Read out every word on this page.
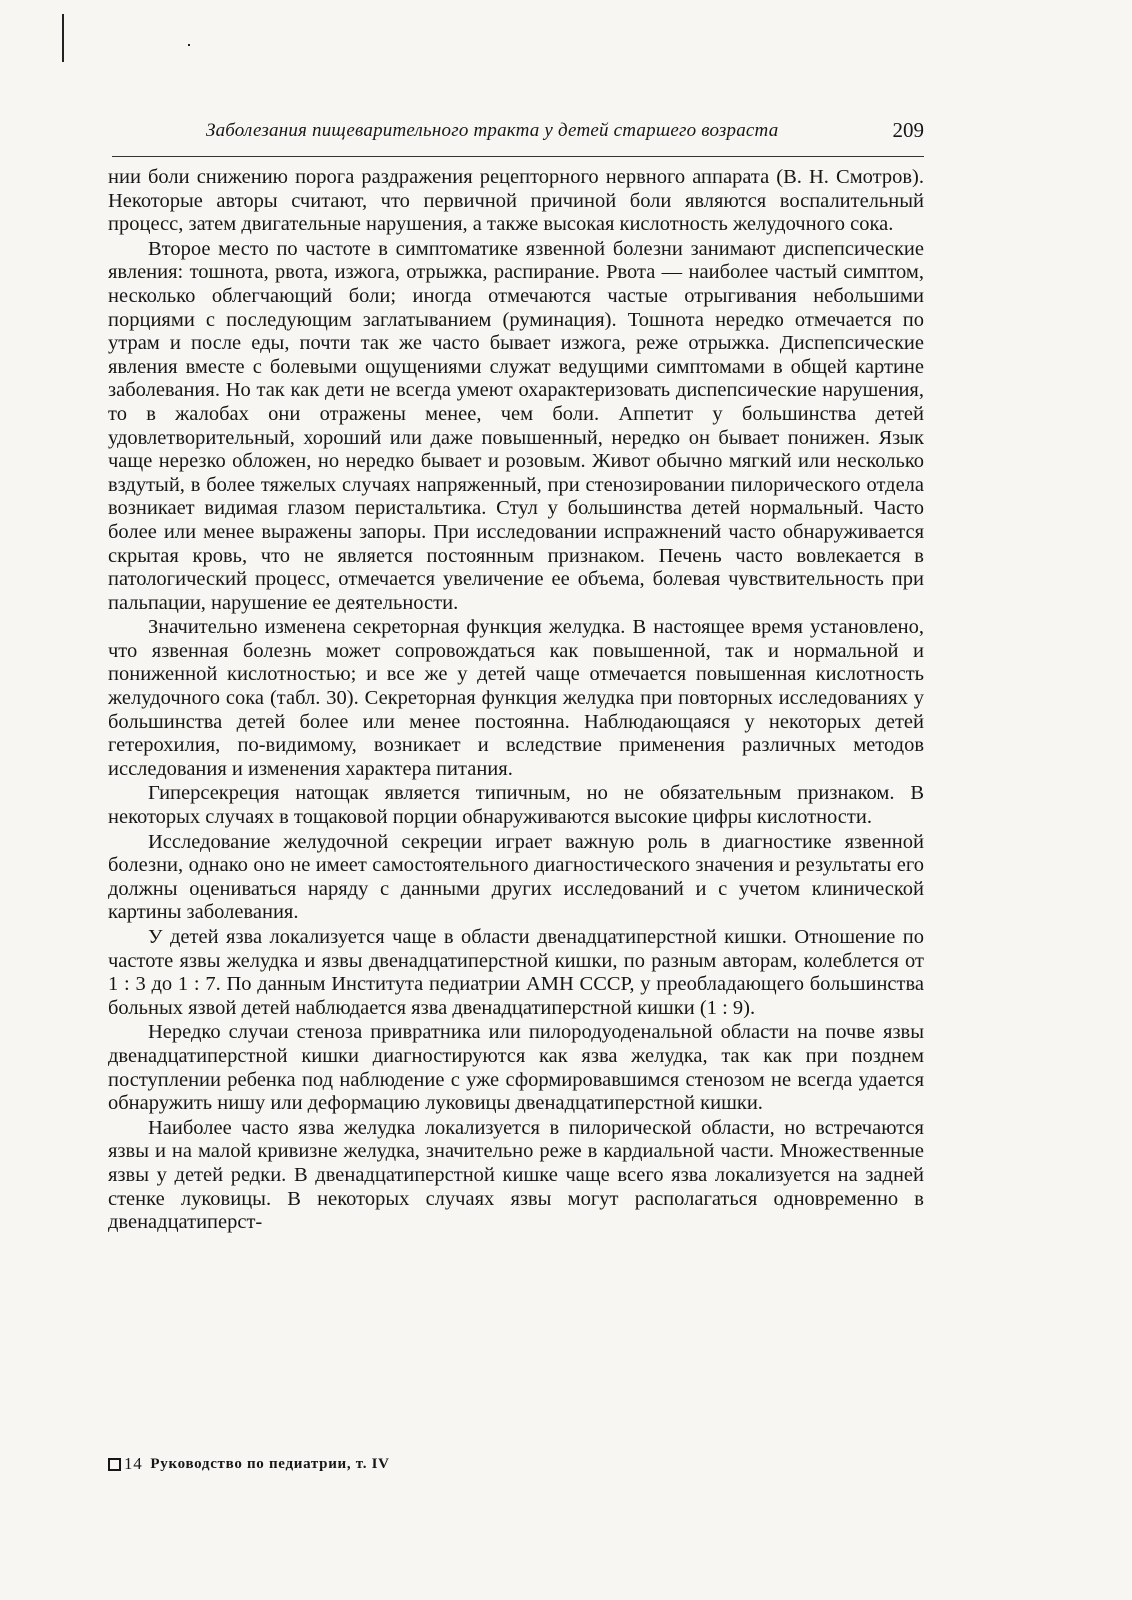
Заболезания пищеварительного тракта у детей старшего возраста	209

нии боли снижению порога раздражения рецепторного нервного аппарата (В. Н. Смотров). Некоторые авторы считают, что первичной причиной боли являются воспалительный процесс, затем двигательные нарушения, а также высокая кислотность желудочного сока.

Второе место по частоте в симптоматике язвенной болезни занимают диспепсические явления: тошнота, рвота, изжога, отрыжка, распирание. Рвота — наиболее частый симптом, несколько облегчающий боли; иногда отмечаются частые отрыгивания небольшими порциями с последующим заглатыванием (руминация). Тошнота нередко отмечается по утрам и после еды, почти так же часто бывает изжога, реже отрыжка. Диспепсические явления вместе с болевыми ощущениями служат ведущими симптомами в общей картине заболевания. Но так как дети не всегда умеют охарактеризовать диспепсические нарушения, то в жалобах они отражены менее, чем боли. Аппетит у большинства детей удовлетворительный, хороший или даже повышенный, нередко он бывает понижен. Язык чаще нерезко обложен, но нередко бывает и розовым. Живот обычно мягкий или несколько вздутый, в более тяжелых случаях напряженный, при стенозировании пилорического отдела возникает видимая глазом перистальтика. Стул у большинства детей нормальный. Часто более или менее выражены запоры. При исследовании испражнений часто обнаруживается скрытая кровь, что не является постоянным признаком. Печень часто вовлекается в патологический процесс, отмечается увеличение ее объема, болевая чувствительность при пальпации, нарушение ее деятельности.

Значительно изменена секреторная функция желудка. В настоящее время установлено, что язвенная болезнь может сопровождаться как повышенной, так и нормальной и пониженной кислотностью; и все же у детей чаще отмечается повышенная кислотность желудочного сока (табл. 30). Секреторная функция желудка при повторных исследованиях у большинства детей более или менее постоянна. Наблюдающаяся у некоторых детей гетерохилия, по-видимому, возникает и вследствие применения различных методов исследования и изменения характера питания.

Гиперсекреция натощак является типичным, но не обязательным признаком. В некоторых случаях в тощаковой порции обнаруживаются высокие цифры кислотности.

Исследование желудочной секреции играет важную роль в диагностике язвенной болезни, однако оно не имеет самостоятельного диагностического значения и результаты его должны оцениваться наряду с данными других исследований и с учетом клинической картины заболевания.

У детей язва локализуется чаще в области двенадцатиперстной кишки. Отношение по частоте язвы желудка и язвы двенадцатиперстной кишки, по разным авторам, колеблется от 1 : 3 до 1 : 7. По данным Института педиатрии АМН СССР, у преобладающего большинства больных язвой детей наблюдается язва двенадцатиперстной кишки (1 : 9).

Нередко случаи стеноза привратника или пилородуоденальной области на почве язвы двенадцатиперстной кишки диагностируются как язва желудка, так как при позднем поступлении ребенка под наблюдение с уже сформировавшимся стенозом не всегда удается обнаружить нишу или деформацию луковицы двенадцатиперстной кишки.

Наиболее часто язва желудка локализуется в пилорической области, но встречаются язвы и на малой кривизне желудка, значительно реже в кардиальной части. Множественные язвы у детей редки. В двенадцатиперстной кишке чаще всего язва локализуется на задней стенке луковицы. В некоторых случаях язвы могут располагаться одновременно в двенадцатиперст-

14 Руководство по педиатрии, т. IV
